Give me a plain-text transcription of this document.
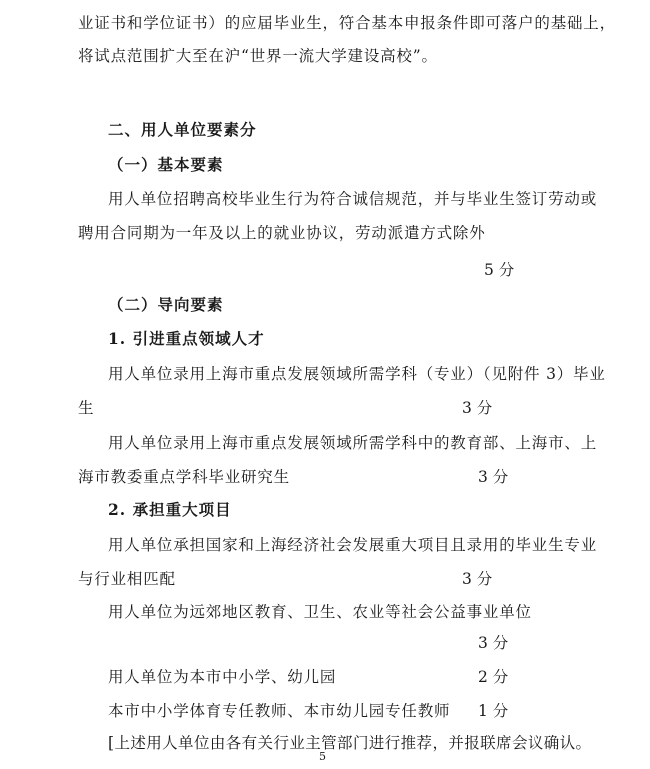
业证书和学位证书）的应届毕业生，符合基本申报条件即可落户的基础上，
将试点范围扩大至在沪“世界一流大学建设高校”。
二、用人单位要素分
（一）基本要素
用人单位招聘高校毕业生行为符合诚信规范，并与毕业生签订劳动或
聘用合同期为一年及以上的就业协议，劳动派遣方式除外
5 分
（二）导向要素
1. 引进重点领域人才
用人单位录用上海市重点发展领域所需学科（专业）（见附件 3）毕业
生	3 分
用人单位录用上海市重点发展领域所需学科中的教育部、上海市、上
海市教委重点学科毕业研究生	3 分
2. 承担重大项目
用人单位承担国家和上海经济社会发展重大项目且录用的毕业生专业
与行业相匹配	3 分
用人单位为远郊地区教育、卫生、农业等社会公益事业单位
3 分
用人单位为本市中小学、幼儿园	2 分
本市中小学体育专任教师、本市幼儿园专任教师 1 分
[上述用人单位由各有关行业主管部门进行推荐，并报联席会议确认。
5
